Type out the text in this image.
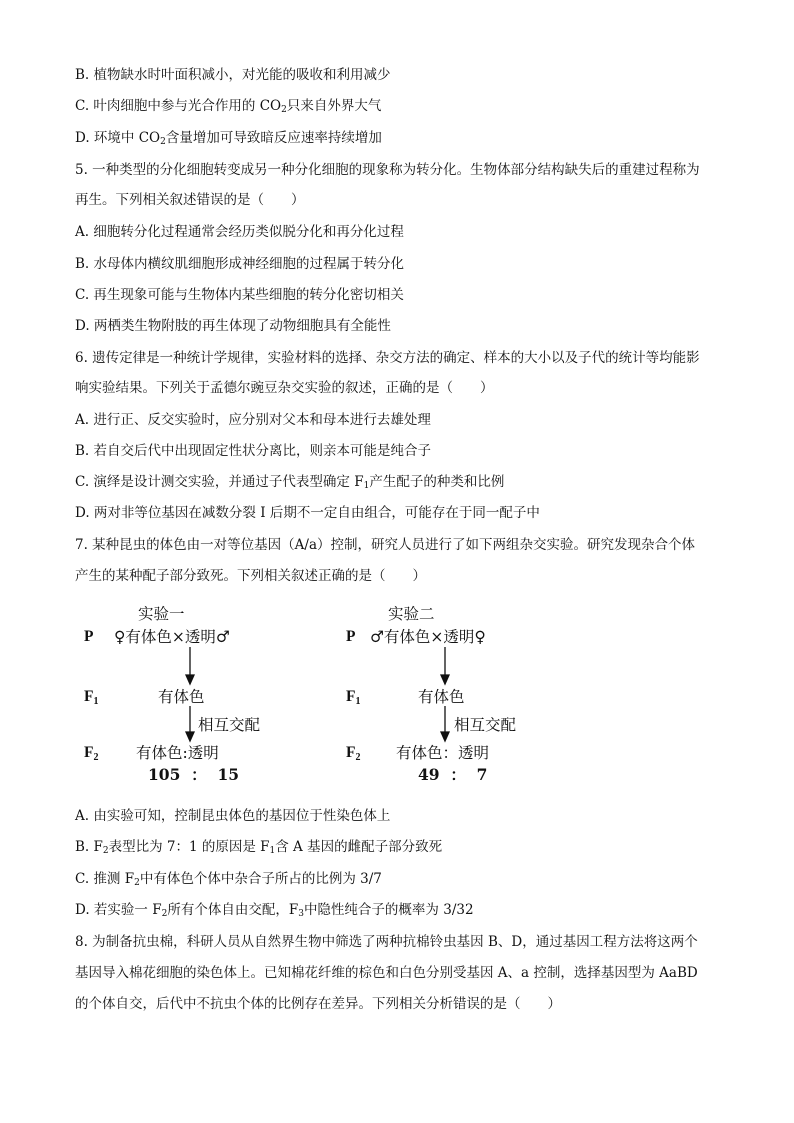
B. 植物缺水时叶面积减小，对光能的吸收和利用减少
C. 叶肉细胞中参与光合作用的 $CO_2$只来自外界大气
D. 环境中 $CO_2$含量增加可导致暗反应速率持续增加
5. 一种类型的分化细胞转变成另一种分化细胞的现象称为转分化。生物体部分结构缺失后的重建过程称为
再生。下列相关叙述错误的是（　　）
A. 细胞转分化过程通常会经历类似脱分化和再分化过程
B. 水母体内横纹肌细胞形成神经细胞的过程属于转分化
C. 再生现象可能与生物体内某些细胞的转分化密切相关
D. 两栖类生物附肢的再生体现了动物细胞具有全能性
6. 遗传定律是一种统计学规律，实验材料的选择、杂交方法的确定、样本的大小以及子代的统计等均能影
响实验结果。下列关于孟德尔豌豆杂交实验的叙述，正确的是（　　）
A. 进行正、反交实验时，应分别对父本和母本进行去雄处理
B. 若自交后代中出现固定性状分离比，则亲本可能是纯合子
C. 演绎是设计测交实验，并通过子代表型确定 $F_1$产生配子的种类和比例
D. 两对非等位基因在减数分裂 I 后期不一定自由组合，可能存在于同一配子中
7. 某种昆虫的体色由一对等位基因（A/a）控制，研究人员进行了如下两组杂交实验。研究发现杂合个体
产生的某种配子部分致死。下列相关叙述正确的是（　　）
实验一
P ♀有体色×透明♂
$F_1$	有体色
相互交配
$F_2$ 有体色:透明
105  ：  15
实验二
P ♂有体色×透明♀
$F_1$	有体色
相互交配
$F_2$ 有体色：透明
49  ：  7
A. 由实验可知，控制昆虫体色的基因位于性染色体上
B. $F_2$表型比为 7：1 的原因是 $F_1$含 A 基因的雌配子部分致死
C. 推测 $F_2$中有体色个体中杂合子所占的比例为 3/7
D. 若实验一 $F_2$所有个体自由交配，$F_3$中隐性纯合子的概率为 3/32
8. 为制备抗虫棉，科研人员从自然界生物中筛选了两种抗棉铃虫基因 B、D，通过基因工程方法将这两个
基因导入棉花细胞的染色体上。已知棉花纤维的棕色和白色分别受基因 A、a 控制，选择基因型为 AaBD
的个体自交，后代中不抗虫个体的比例存在差异。下列相关分析错误的是（　　）
